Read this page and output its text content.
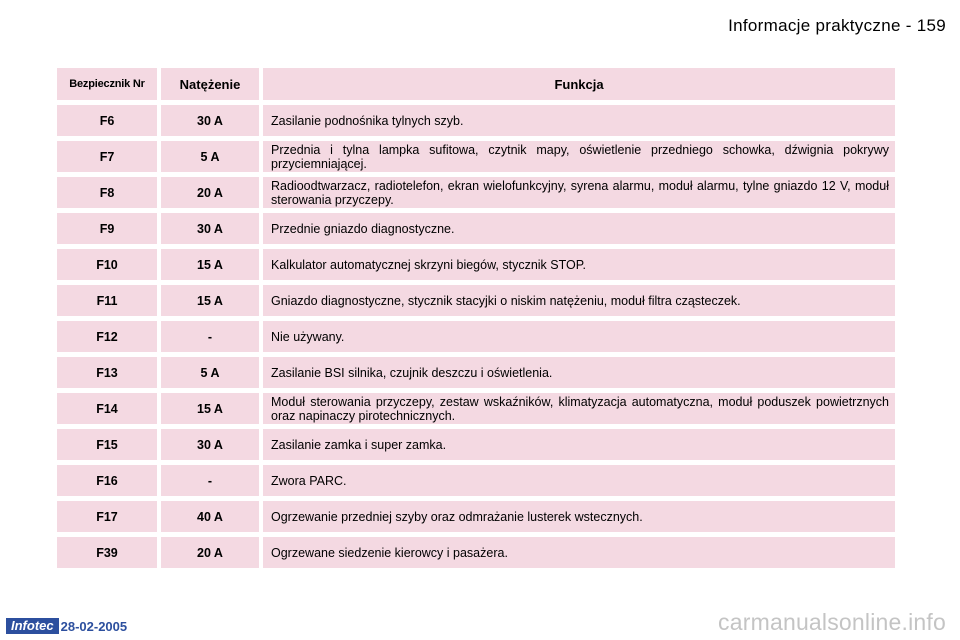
Informacje praktyczne - 159
Bezpiecznik Nr	Natężenie	Funkcja
F6	30 A	Zasilanie podnośnika tylnych szyb.
F7	5 A	Przednia i tylna lampka sufitowa, czytnik mapy, oświetlenie przedniego schowka, dźwignia pokrywy przyciemniającej.
F8	20 A	Radioodtwarzacz, radiotelefon, ekran wielofunkcyjny, syrena alarmu, moduł alarmu, tylne gniazdo 12 V, moduł sterowania przyczepy.
F9	30 A	Przednie gniazdo diagnostyczne.
F10	15 A	Kalkulator automatycznej skrzyni biegów, stycznik STOP.
F11	15 A	Gniazdo diagnostyczne, stycznik stacyjki o niskim natężeniu, moduł filtra cząsteczek.
F12	-	Nie używany.
F13	5 A	Zasilanie BSI silnika, czujnik deszczu i oświetlenia.
F14	15 A	Moduł sterowania przyczepy, zestaw wskaźników, klimatyzacja automatyczna, moduł poduszek powietrznych oraz napinaczy pirotechnicznych.
F15	30 A	Zasilanie zamka i super zamka.
F16	-	Zwora PARC.
F17	40 A	Ogrzewanie przedniej szyby oraz odmrażanie lusterek wstecznych.
F39	20 A	Ogrzewane siedzenie kierowcy i pasażera.
Infotec 28-02-2005	carmanualsonline.info
